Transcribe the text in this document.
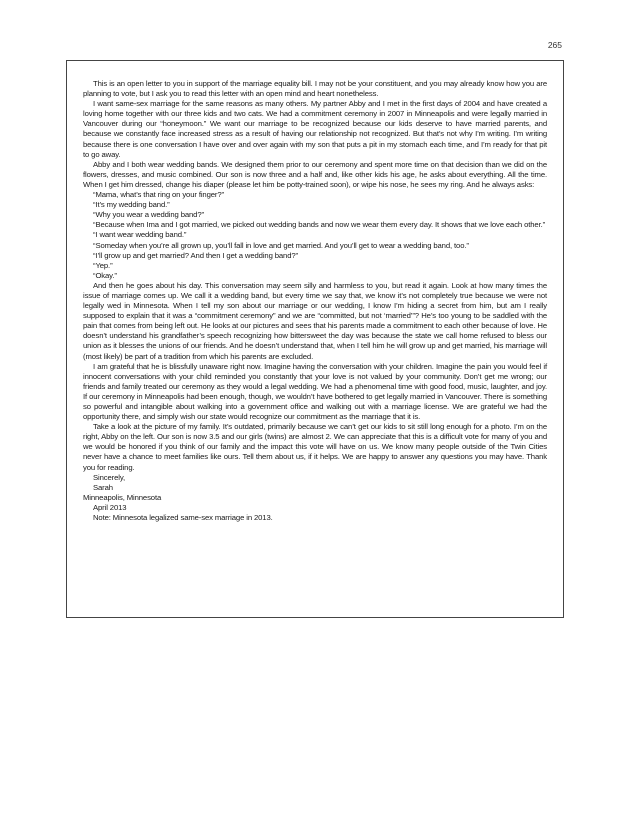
265

This is an open letter to you in support of the marriage equality bill. I may not be your constituent, and you may already know how you are planning to vote, but I ask you to read this letter with an open mind and heart nonetheless.

I want same-sex marriage for the same reasons as many others. My partner Abby and I met in the first days of 2004 and have created a loving home together with our three kids and two cats. We had a commitment ceremony in 2007 in Minneapolis and were legally married in Vancouver during our “honeymoon.” We want our marriage to be recognized because our kids deserve to have married parents, and because we constantly face increased stress as a result of having our relationship not recognized. But that’s not why I’m writing. I’m writing because there is one conversation I have over and over again with my son that puts a pit in my stomach each time, and I’m ready for that pit to go away.

Abby and I both wear wedding bands. We designed them prior to our ceremony and spent more time on that decision than we did on the flowers, dresses, and music combined. Our son is now three and a half and, like other kids his age, he asks about everything. All the time. When I get him dressed, change his diaper (please let him be potty-trained soon), or wipe his nose, he sees my ring. And he always asks:

“Mama, what’s that ring on your finger?”

“It’s my wedding band.”

“Why you wear a wedding band?”

“Because when Ima and I got married, we picked out wedding bands and now we wear them every day. It shows that we love each other.”

“I want wear wedding band.”

“Someday when you’re all grown up, you’ll fall in love and get married. And you’ll get to wear a wedding band, too.”

“I’ll grow up and get married? And then I get a wedding band?”

“Yep.”

“Okay.”

And then he goes about his day. This conversation may seem silly and harmless to you, but read it again. Look at how many times the issue of marriage comes up. We call it a wedding band, but every time we say that, we know it’s not completely true because we were not legally wed in Minnesota. When I tell my son about our marriage or our wedding, I know I’m hiding a secret from him, but am I really supposed to explain that it was a “commitment ceremony” and we are “committed, but not ‘married’”? He’s too young to be saddled with the pain that comes from being left out. He looks at our pictures and sees that his parents made a commitment to each other because of love. He doesn’t understand his grandfather’s speech recognizing how bittersweet the day was because the state we call home refused to bless our union as it blesses the unions of our friends. And he doesn’t understand that, when I tell him he will grow up and get married, his marriage will (most likely) be part of a tradition from which his parents are excluded.

I am grateful that he is blissfully unaware right now. Imagine having the conversation with your children. Imagine the pain you would feel if innocent conversations with your child reminded you constantly that your love is not valued by your community. Don’t get me wrong; our friends and family treated our ceremony as they would a legal wedding. We had a phenomenal time with good food, music, laughter, and joy. If our ceremony in Minneapolis had been enough, though, we wouldn’t have bothered to get legally married in Vancouver. There is something so powerful and intangible about walking into a government office and walking out with a marriage license. We are grateful we had the opportunity there, and simply wish our state would recognize our commitment as the marriage that it is.

Take a look at the picture of my family. It’s outdated, primarily because we can’t get our kids to sit still long enough for a photo. I’m on the right, Abby on the left. Our son is now 3.5 and our girls (twins) are almost 2. We can appreciate that this is a difficult vote for many of you and we would be honored if you think of our family and the impact this vote will have on us. We know many people outside of the Twin Cities never have a chance to meet families like ours. Tell them about us, if it helps. We are happy to answer any questions you may have. Thank you for reading.

Sincerely,

Sarah

Minneapolis, Minnesota

April 2013

Note: Minnesota legalized same-sex marriage in 2013.
